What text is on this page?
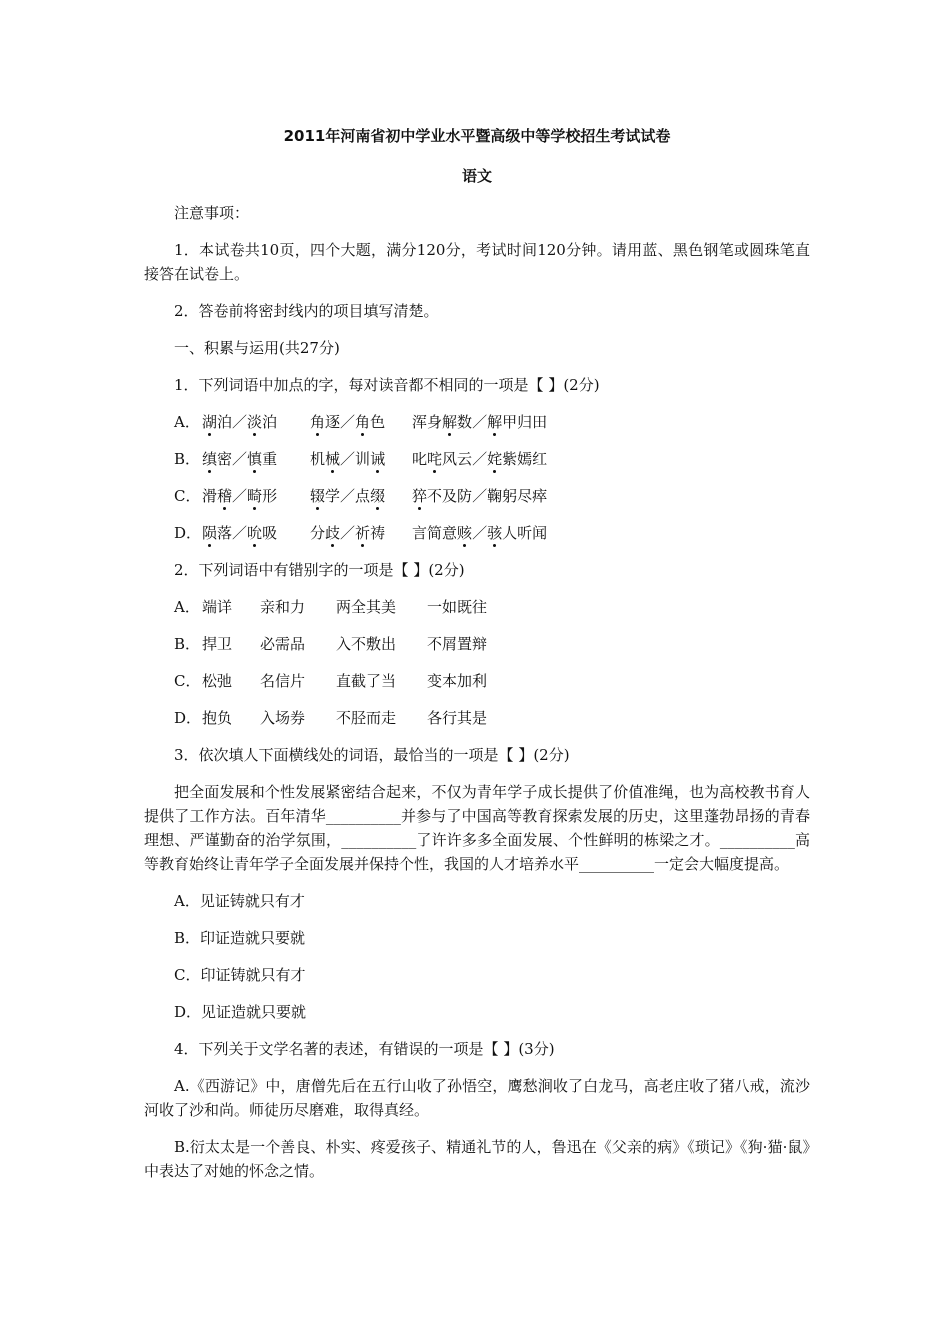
2011年河南省初中学业水平暨高级中等学校招生考试试卷
语文
注意事项：
1．本试卷共10页，四个大题，满分120分，考试时间120分钟。请用蓝、黑色钢笔或圆珠笔直接答在试卷上。
2．答卷前将密封线内的项目填写清楚。
一、积累与运用(共27分)
1．下列词语中加点的字，每对读音都不相同的一项是【 】(2分)
A． 湖泊／淡泊	角逐／角色	浑身解数／解甲归田
B． 缜密／慎重	机械／训诫	叱咤风云／姹紫嫣红
C． 滑稽／畸形	辍学／点缀	猝不及防／鞠躬尽瘁
D． 陨落／吮吸	分歧／祈祷	言简意赅／骇人听闻
2．下列词语中有错别字的一项是【 】(2分)
A． 端详	亲和力	两全其美	一如既往
B． 捍卫	必需品	入不敷出	不屑置辩
C． 松弛	名信片	直截了当	变本加利
D． 抱负	入场券	不胫而走	各行其是
3．依次填人下面横线处的词语，最恰当的一项是【 】(2分)
把全面发展和个性发展紧密结合起来，不仅为青年学子成长提供了价值准绳，也为高校教书育人提供了工作方法。百年清华__________并参与了中国高等教育探索发展的历史，这里蓬勃昂扬的青春理想、严谨勤奋的治学氛围，__________了许许多多全面发展、个性鲜明的栋梁之才。__________高等教育始终让青年学子全面发展并保持个性，我国的人才培养水平__________一定会大幅度提高。
A．见证铸就只有才
B．印证造就只要就
C．印证铸就只有才
D．见证造就只要就
4．下列关于文学名著的表述，有错误的一项是【 】(3分)
A.《西游记》中，唐僧先后在五行山收了孙悟空，鹰愁涧收了白龙马，高老庄收了猪八戒，流沙河收了沙和尚。师徒历尽磨难，取得真经。
B.衍太太是一个善良、朴实、疼爱孩子、精通礼节的人，鲁迅在《父亲的病》《琐记》《狗·猫·鼠》中表达了对她的怀念之情。
